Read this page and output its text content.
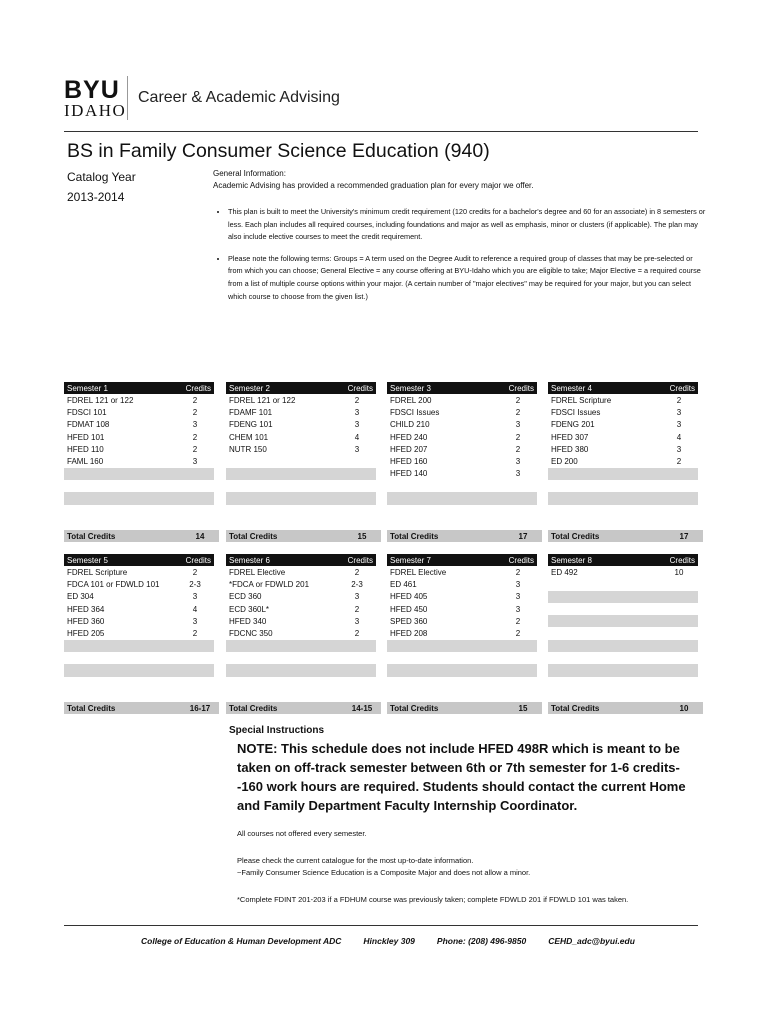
BYU
IDAHO
Career & Academic Advising
BS in Family Consumer Science Education (940)
Catalog Year
2013-2014
General Information:
Academic Advising has provided a recommended graduation plan for every major we offer.
• This plan is built to meet the University's minimum credit requirement (120 credits for a bachelor's degree and 60 for an associate) in 8 semesters or less. Each plan includes all required courses, including foundations and major as well as emphasis, minor or clusters (if applicable). The plan may also include elective courses to meet the credit requirement.
• Please note the following terms: Groups = A term used on the Degree Audit to reference a required group of classes that may be pre-selected or from which you can choose; General Elective = any course offering at BYU-Idaho which you are eligible to take; Major Elective = a required course from a list of multiple course options within your major. (A certain number of "major electives" may be required for your major, but you can select which course to choose from the given list.)
Semester 1	Credits
FDREL 121 or 122	2
FDSCI 101	2
FDMAT 108	3
HFED 101	2
HFED 110	2
FAML 160	3
Total Credits	14
Semester 2	Credits
FDREL 121 or 122	2
FDAMF 101	3
FDENG 101	3
CHEM 101	4
NUTR 150	3
Total Credits	15
Semester 3	Credits
FDREL 200	2
FDSCI Issues	2
CHILD 210	3
HFED 240	2
HFED 207	2
HFED 160	3
HFED 140	3
Total Credits	17
Semester 4	Credits
FDREL Scripture	2
FDSCI Issues	3
FDENG 201	3
HFED 307	4
HFED 380	3
ED 200	2
Total Credits	17
Semester 5	Credits
FDREL Scripture	2
FDCA 101 or FDWLD 101	2-3
ED 304	3
HFED 364	4
HFED 360	3
HFED 205	2
Total Credits	16-17
Semester 6	Credits
FDREL Elective	2
*FDCA or FDWLD 201	2-3
ECD 360	3
ECD 360L*	2
HFED 340	3
FDCNC 350	2
Total Credits	14-15
Semester 7	Credits
FDREL Elective	2
ED 461	3
HFED 405	3
HFED 450	3
SPED 360	2
HFED 208	2
Total Credits	15
Semester 8	Credits
ED 492	10
Total Credits	10
Special Instructions
NOTE: This schedule does not include HFED 498R which is meant to be taken on off-track semester between 6th or 7th semester for 1-6 credits--160 work hours are required. Students should contact the current Home and Family Department Faculty Internship Coordinator.
All courses not offered every semester.
Please check the current catalogue for the most up-to-date information.
~Family Consumer Science Education is a Composite Major and does not allow a minor.
*Complete FDINT 201-203 if a FDHUM course was previously taken; complete FDWLD 201 if FDWLD 101 was taken.
College of Education & Human Development ADC	Hinckley 309	Phone: (208) 496-9850	CEHD_adc@byui.edu
